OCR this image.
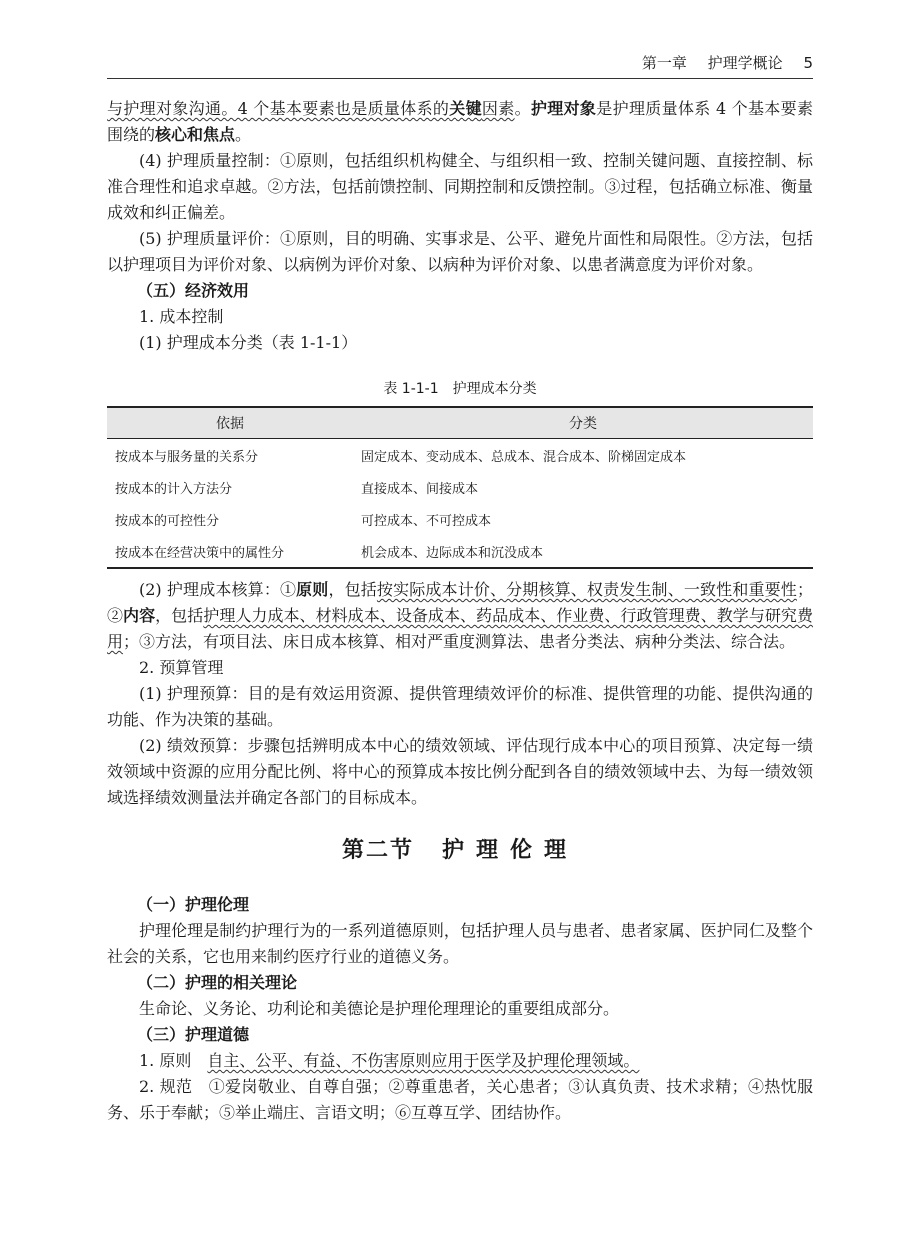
第一章 护理学概论 5

与护理对象沟通。4 个基本要素也是质量体系的关键因素。护理对象是护理质量体系 4 个基本要素围绕的核心和焦点。

(4) 护理质量控制：①原则，包括组织机构健全、与组织相一致、控制关键问题、直接控制、标准合理性和追求卓越。②方法，包括前馈控制、同期控制和反馈控制。③过程，包括确立标准、衡量成效和纠正偏差。

(5) 护理质量评价：①原则，目的明确、实事求是、公平、避免片面性和局限性。②方法，包括以护理项目为评价对象、以病例为评价对象、以病种为评价对象、以患者满意度为评价对象。

（五）经济效用

1. 成本控制

(1) 护理成本分类（表 1-1-1）

表 1-1-1　护理成本分类
依据	分类
按成本与服务量的关系分	固定成本、变动成本、总成本、混合成本、阶梯固定成本
按成本的计入方法分	直接成本、间接成本
按成本的可控性分	可控成本、不可控成本
按成本在经营决策中的属性分	机会成本、边际成本和沉没成本

(2) 护理成本核算：①原则，包括按实际成本计价、分期核算、权责发生制、一致性和重要性；②内容，包括护理人力成本、材料成本、设备成本、药品成本、作业费、行政管理费、教学与研究费用；③方法，有项目法、床日成本核算、相对严重度测算法、患者分类法、病种分类法、综合法。

2. 预算管理

(1) 护理预算：目的是有效运用资源、提供管理绩效评价的标准、提供管理的功能、提供沟通的功能、作为决策的基础。

(2) 绩效预算：步骤包括辨明成本中心的绩效领域、评估现行成本中心的项目预算、决定每一绩效领域中资源的应用分配比例、将中心的预算成本按比例分配到各自的绩效领域中去、为每一绩效领域选择绩效测量法并确定各部门的目标成本。

第二节 护理伦理

（一）护理伦理

护理伦理是制约护理行为的一系列道德原则，包括护理人员与患者、患者家属、医护同仁及整个社会的关系，它也用来制约医疗行业的道德义务。

（二）护理的相关理论

生命论、义务论、功利论和美德论是护理伦理理论的重要组成部分。

（三）护理道德

1. 原则　 自主、公平、有益、不伤害原则应用于医学及护理伦理领域。

2. 规范　 ①爱岗敬业、自尊自强；②尊重患者，关心患者；③认真负责、技术求精；④热忱服务、乐于奉献；⑤举止端庄、言语文明；⑥互尊互学、团结协作。
